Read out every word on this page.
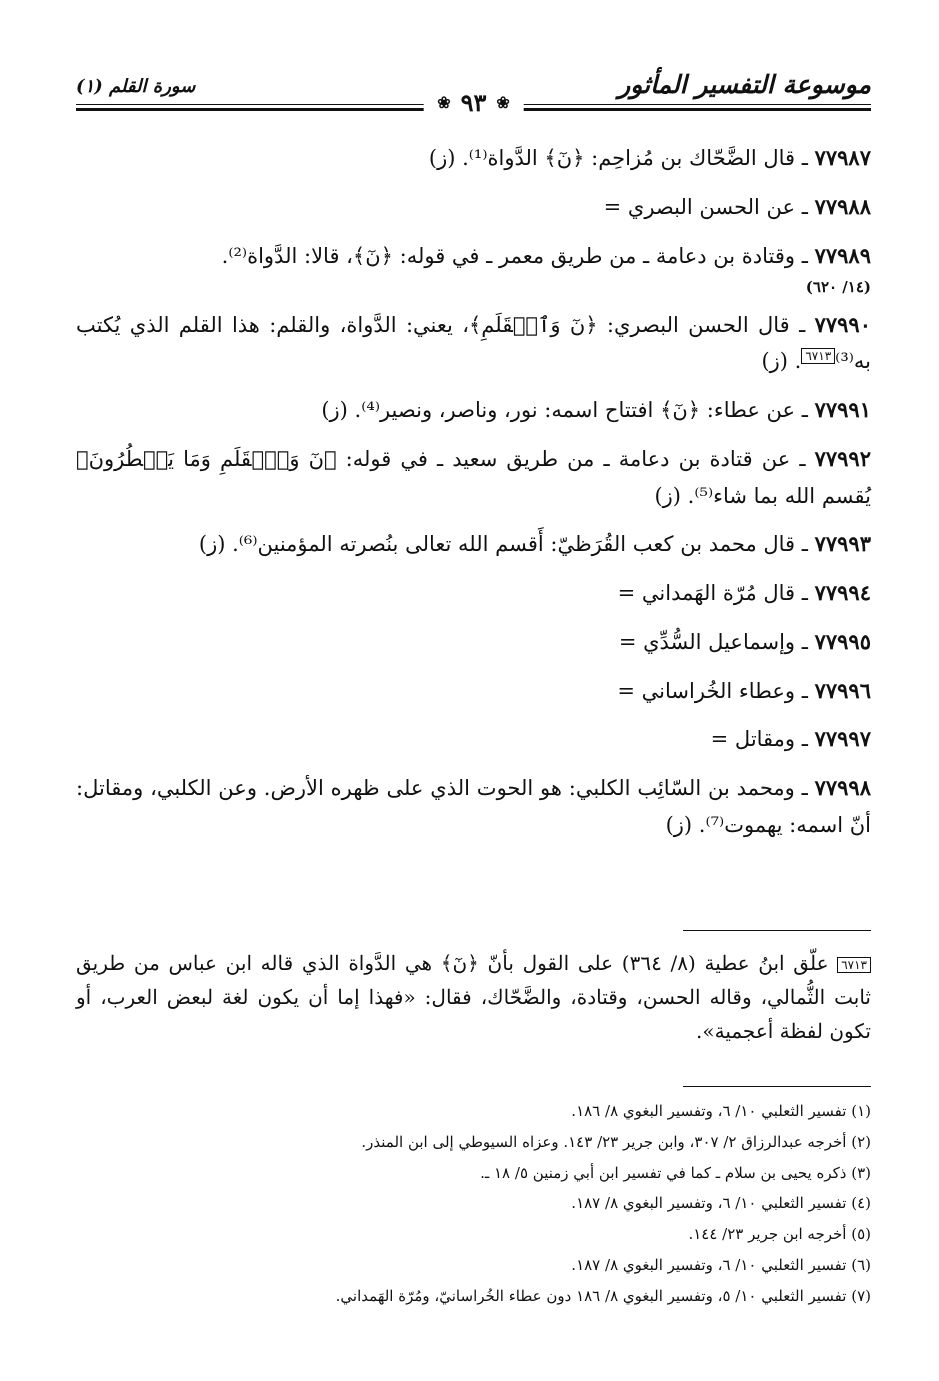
موسوعة التفسير المأثور
سورة القلم (١)
❀
٩٣
❀

٧٧٩٨٧ ـ قال الضَّحّاك بن مُزاحِم: ﴿نٓ﴾ الدَّواة⁽¹⁾. (ز)

٧٧٩٨٨ ـ عن الحسن البصري =

٧٧٩٨٩ ـ وقتادة بن دعامة ـ من طريق معمر ـ في قوله: ﴿نٓ﴾، قالا: الدَّواة⁽²⁾.
(١٤/ ٦٢٠)

٧٧٩٩٠ ـ قال الحسن البصري: ﴿نٓ وَٱلۡقَلَمِ﴾، يعني: الدَّواة، والقلم: هذا القلم الذي يُكتب به⁽³⁾٦٧١٣. (ز)

٧٧٩٩١ ـ عن عطاء: ﴿نٓ﴾ افتتاح اسمه: نور، وناصر، ونصير⁽⁴⁾. (ز)

٧٧٩٩٢ ـ عن قتادة بن دعامة ـ من طريق سعيد ـ في قوله: ﴿نٓ وَٱلۡقَلَمِ وَمَا يَسۡطُرُونَ﴾ يُقسم الله بما شاء⁽⁵⁾. (ز)

٧٧٩٩٣ ـ قال محمد بن كعب القُرَظيّ: أَقسم الله تعالى بنُصرته المؤمنين⁽⁶⁾. (ز)

٧٧٩٩٤ ـ قال مُرّة الهَمداني =

٧٧٩٩٥ ـ وإسماعيل السُّدِّي =

٧٧٩٩٦ ـ وعطاء الخُراساني =

٧٧٩٩٧ ـ ومقاتل =

٧٧٩٩٨ ـ ومحمد بن السّائِب الكلبي: هو الحوت الذي على ظهره الأرض. وعن الكلبي، ومقاتل: أنّ اسمه: يهموت⁽⁷⁾. (ز)

٦٧١٣ علّق ابنُ عطية (٨/ ٣٦٤) على القول بأنّ ﴿نٓ﴾ هي الدَّواة الذي قاله ابن عباس من طريق ثابت الثُّمالي، وقاله الحسن، وقتادة، والضَّحّاك، فقال: «فهذا إما أن يكون لغة لبعض العرب، أو تكون لفظة أعجمية».
(١) تفسير الثعلبي ١٠/ ٦، وتفسير البغوي ٨/ ١٨٦.
(٢) أخرجه عبدالرزاق ٢/ ٣٠٧، وابن جرير ٢٣/ ١٤٣. وعزاه السيوطي إلى ابن المنذر.
(٣) ذكره يحيى بن سلام ـ كما في تفسير ابن أبي زمنين ٥/ ١٨ ـ.
(٤) تفسير الثعلبي ١٠/ ٦، وتفسير البغوي ٨/ ١٨٧.
(٥) أخرجه ابن جرير ٢٣/ ١٤٤.
(٦) تفسير الثعلبي ١٠/ ٦، وتفسير البغوي ٨/ ١٨٧.
(٧) تفسير الثعلبي ١٠/ ٥، وتفسير البغوي ٨/ ١٨٦ دون عطاء الخُراسانيّ، ومُرّة الهَمداني.
